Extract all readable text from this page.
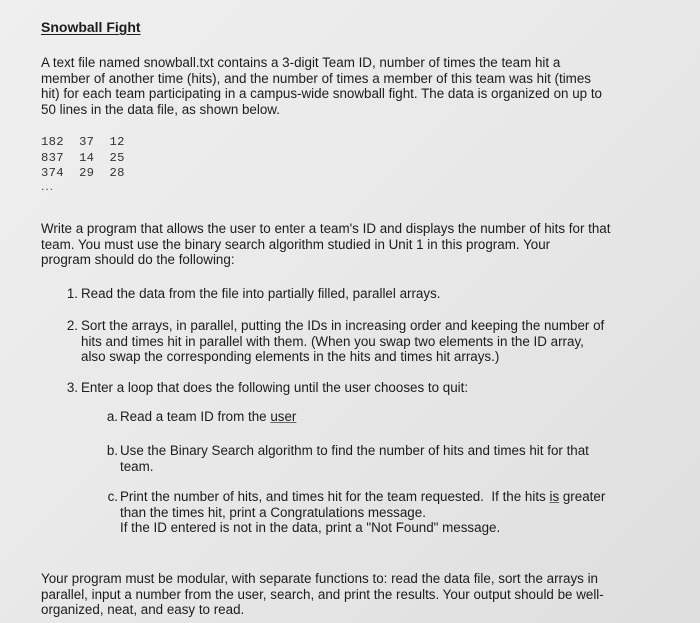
Snowball Fight
A text file named snowball.txt contains a 3-digit Team ID, number of times the team hit a
member of another time (hits), and the number of times a member of this team was hit (times
hit) for each team participating in a campus-wide snowball fight. The data is organized on up to
50 lines in the data file, as shown below.
182  37  12
837  14  25
374  29  28
...
Write a program that allows the user to enter a team's ID and displays the number of hits for that
team. You must use the binary search algorithm studied in Unit 1 in this program. Your
program should do the following:
1. Read the data from the file into partially filled, parallel arrays.
2. Sort the arrays, in parallel, putting the IDs in increasing order and keeping the number of
hits and times hit in parallel with them. (When you swap two elements in the ID array,
also swap the corresponding elements in the hits and times hit arrays.)
3. Enter a loop that does the following until the user chooses to quit:
a. Read a team ID from the user
b. Use the Binary Search algorithm to find the number of hits and times hit for that
team.
c. Print the number of hits, and times hit for the team requested.  If the hits is greater
than the times hit, print a Congratulations message.
If the ID entered is not in the data, print a "Not Found" message.
Your program must be modular, with separate functions to: read the data file, sort the arrays in
parallel, input a number from the user, search, and print the results. Your output should be well-
organized, neat, and easy to read.
